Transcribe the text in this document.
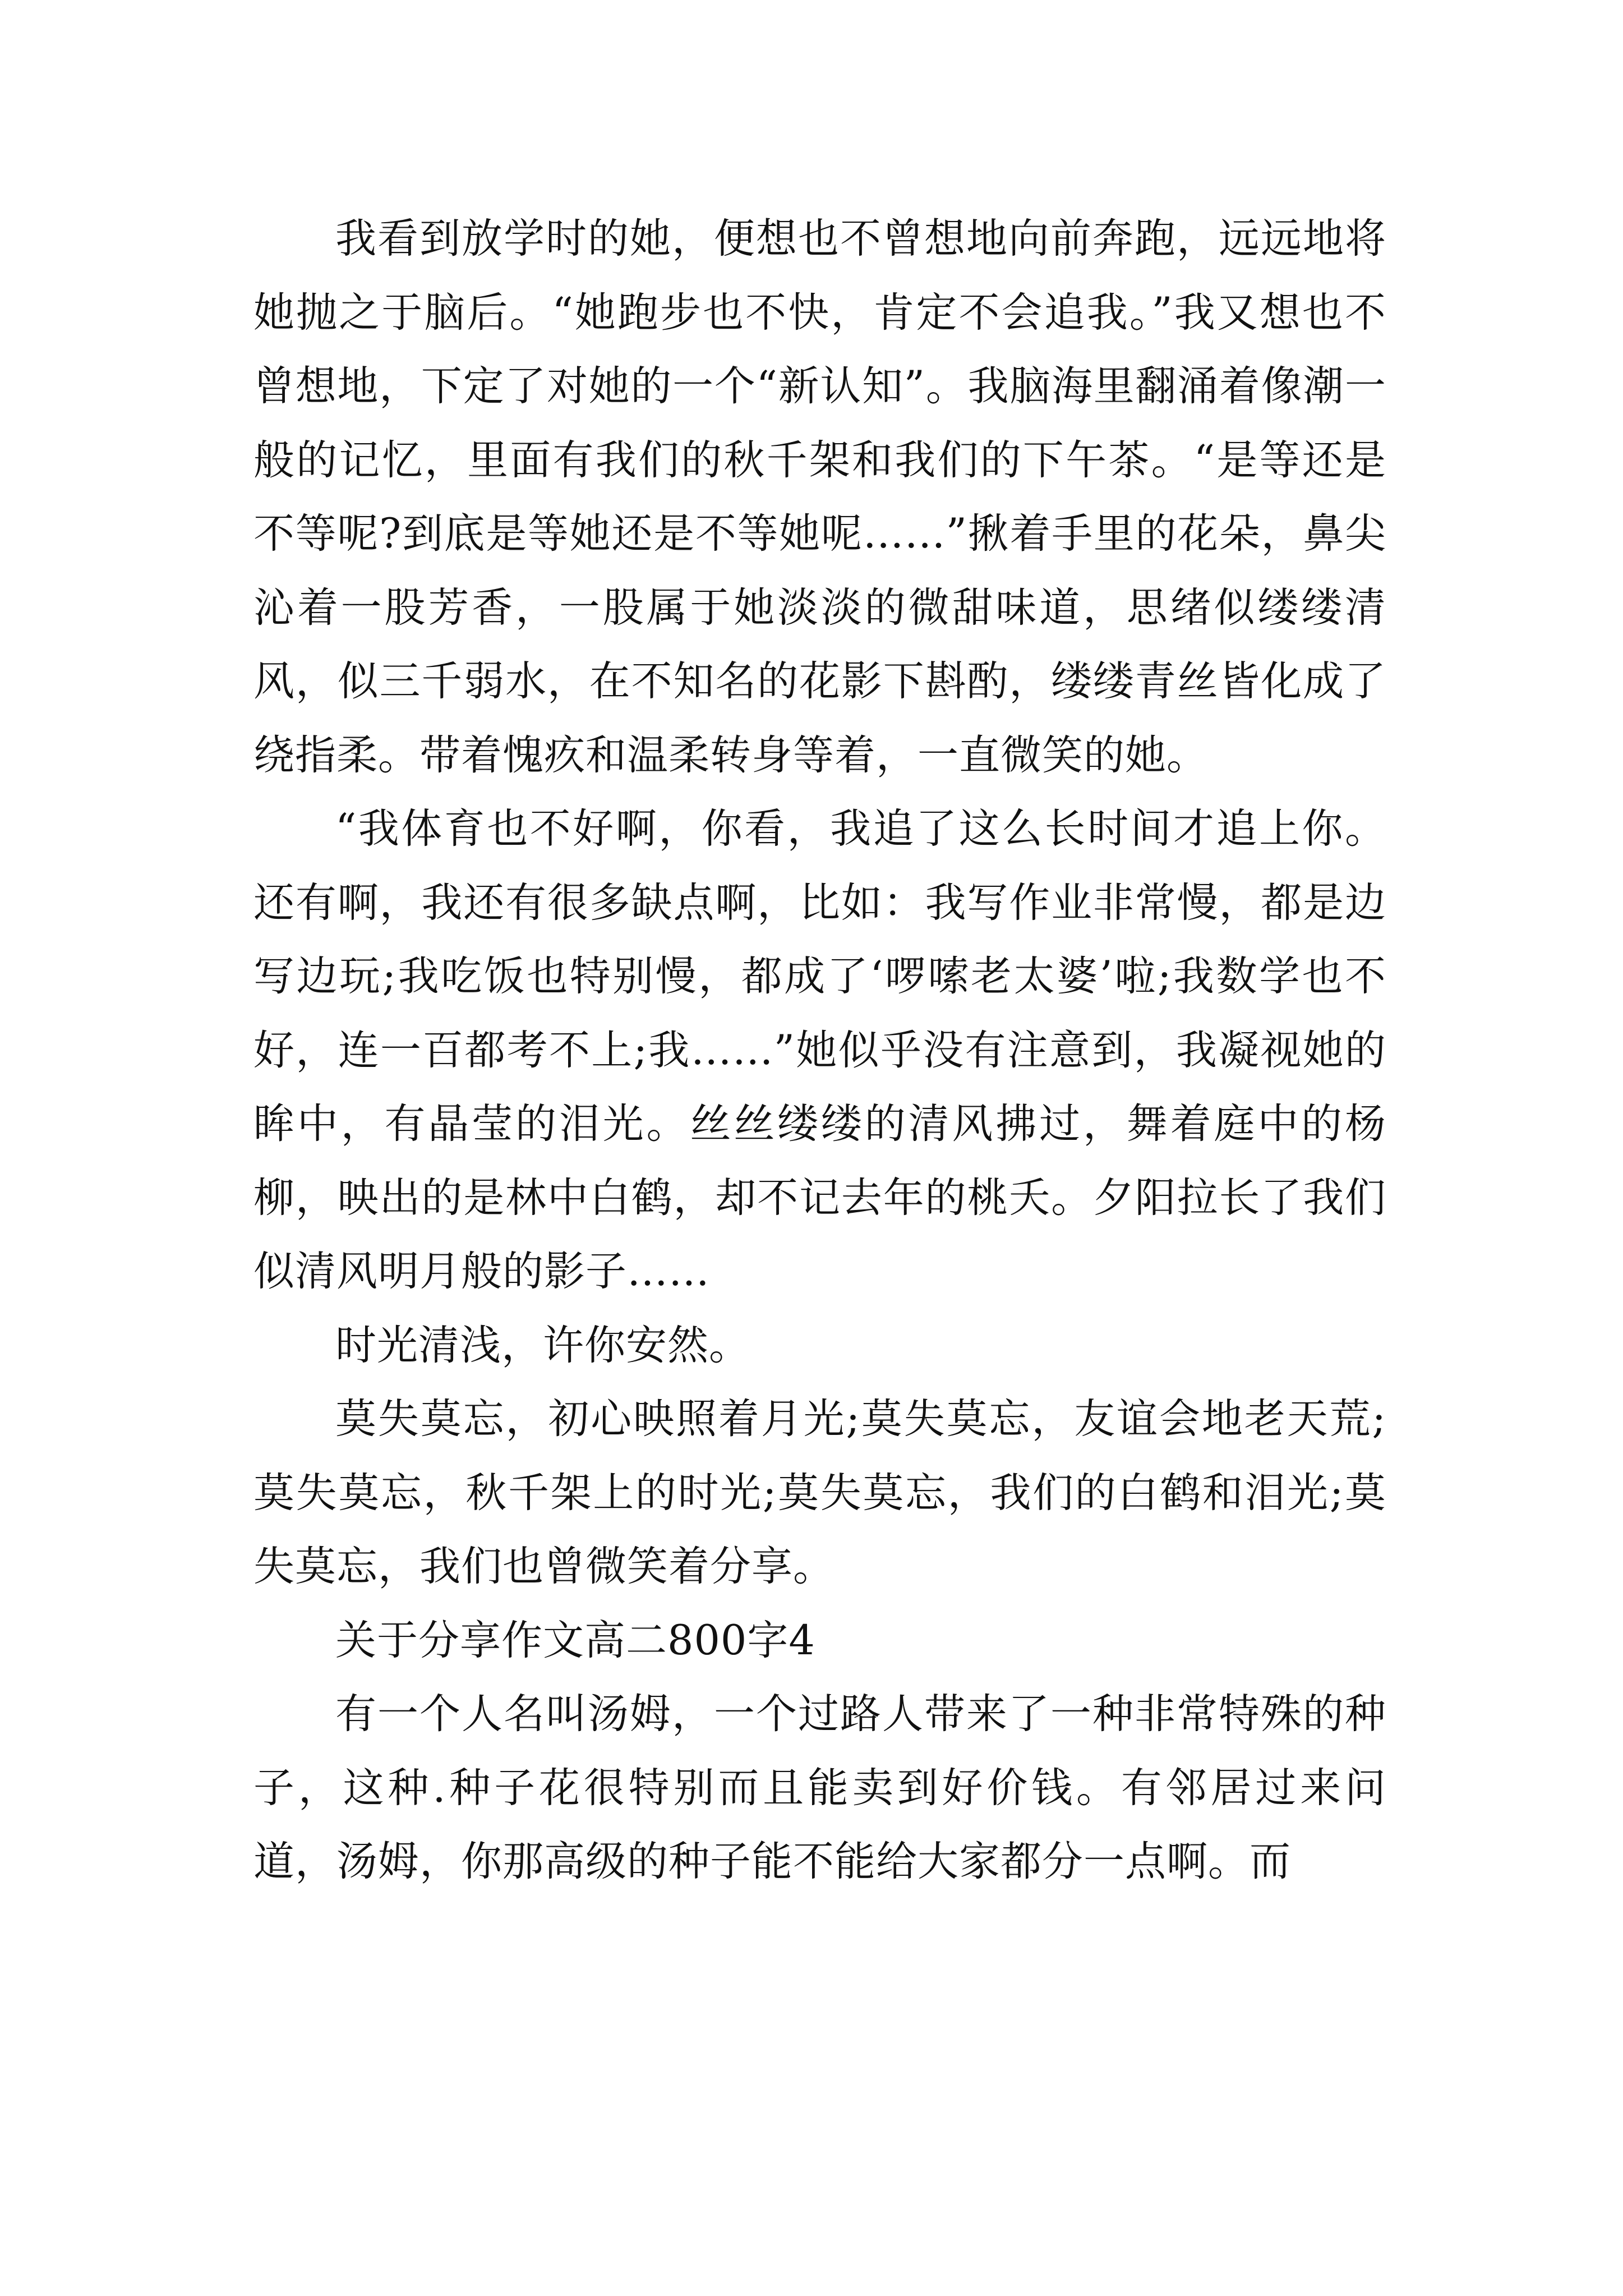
我看到放学时的她，便想也不曾想地向前奔跑，远远地将她抛之于脑后。“她跑步也不快，肯定不会追我。”我又想也不曾想地，下定了对她的一个“新认知”。我脑海里翻涌着像潮一般的记忆，里面有我们的秋千架和我们的下午茶。“是等还是不等呢?到底是等她还是不等她呢……”揪着手里的花朵，鼻尖沁着一股芳香，一股属于她淡淡的微甜味道，思绪似缕缕清风，似三千弱水，在不知名的花影下斟酌，缕缕青丝皆化成了绕指柔。带着愧疚和温柔转身等着，一直微笑的她。

“我体育也不好啊，你看，我追了这么长时间才追上你。还有啊，我还有很多缺点啊，比如：我写作业非常慢，都是边写边玩;我吃饭也特别慢，都成了‘啰嗦老太婆’啦;我数学也不好，连一百都考不上;我……”她似乎没有注意到，我凝视她的眸中，有晶莹的泪光。丝丝缕缕的清风拂过，舞着庭中的杨柳，映出的是林中白鹤，却不记去年的桃夭。夕阳拉长了我们似清风明月般的影子……

时光清浅，许你安然。

莫失莫忘，初心映照着月光;莫失莫忘，友谊会地老天荒;莫失莫忘，秋千架上的时光;莫失莫忘，我们的白鹤和泪光;莫失莫忘，我们也曾微笑着分享。

关于分享作文高二800字4

有一个人名叫汤姆，一个过路人带来了一种非常特殊的种子，这种.种子花很特别而且能卖到好价钱。有邻居过来问道，汤姆，你那高级的种子能不能给大家都分一点啊。而
